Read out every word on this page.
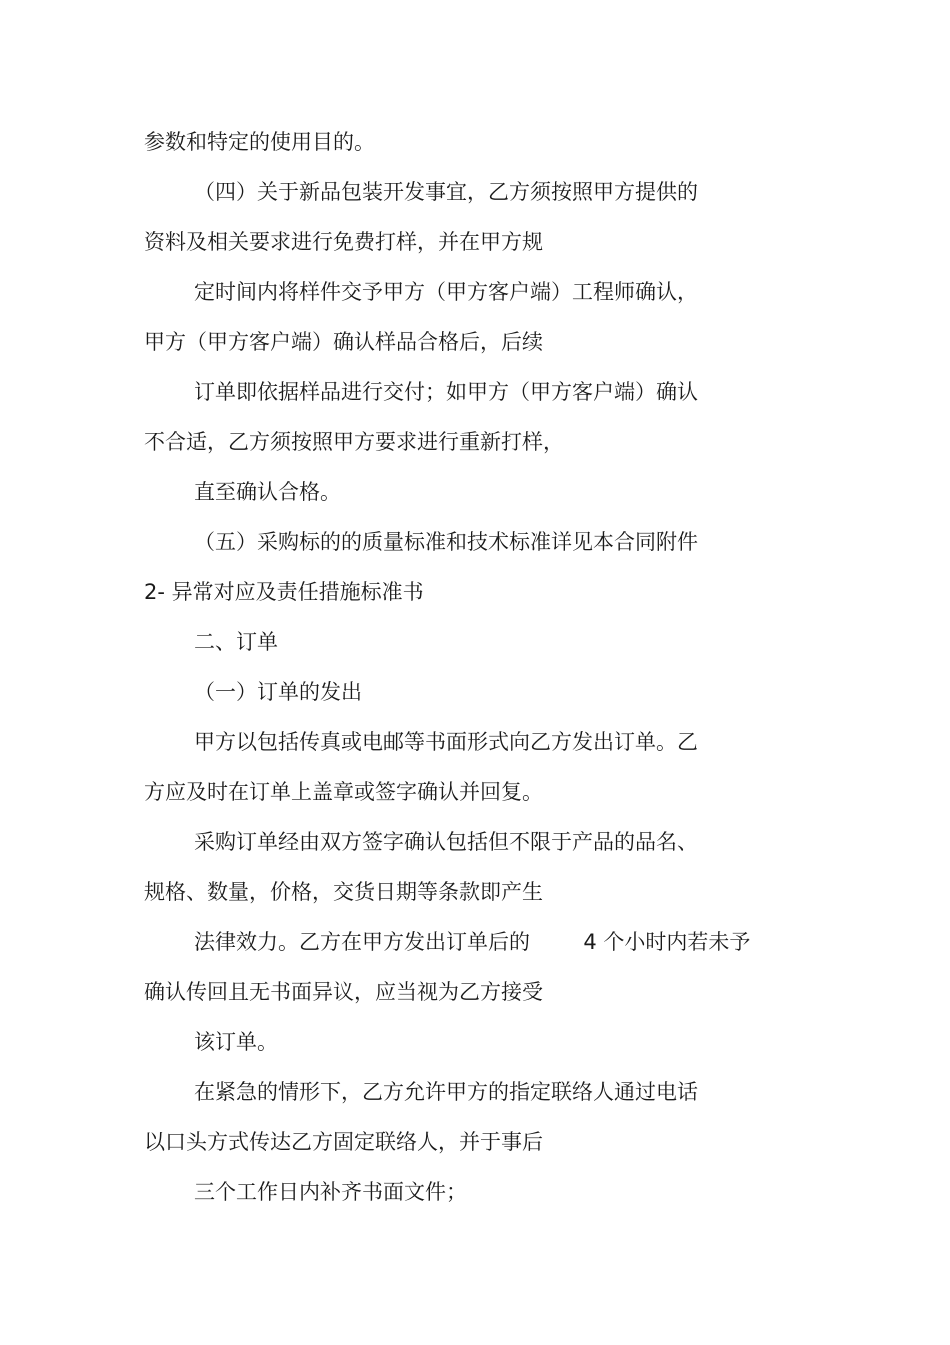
参数和特定的使用目的。

（四）关于新品包装开发事宜，乙方须按照甲方提供的

资料及相关要求进行免费打样，并在甲方规

定时间内将样件交予甲方（甲方客户端）工程师确认，

甲方（甲方客户端）确认样品合格后，后续

订单即依据样品进行交付；如甲方（甲方客户端）确认

不合适，乙方须按照甲方要求进行重新打样，

直至确认合格。

（五）采购标的的质量标准和技术标准详见本合同附件

2- 异常对应及责任措施标准书

二、订单

（一）订单的发出

甲方以包括传真或电邮等书面形式向乙方发出订单。乙

方应及时在订单上盖章或签字确认并回复。

采购订单经由双方签字确认包括但不限于产品的品名、

规格、数量，价格，交货日期等条款即产生

法律效力。乙方在甲方发出订单后的        4 个小时内若未予

确认传回且无书面异议，应当视为乙方接受

该订单。

在紧急的情形下，乙方允许甲方的指定联络人通过电话

以口头方式传达乙方固定联络人，并于事后

三个工作日内补齐书面文件；
